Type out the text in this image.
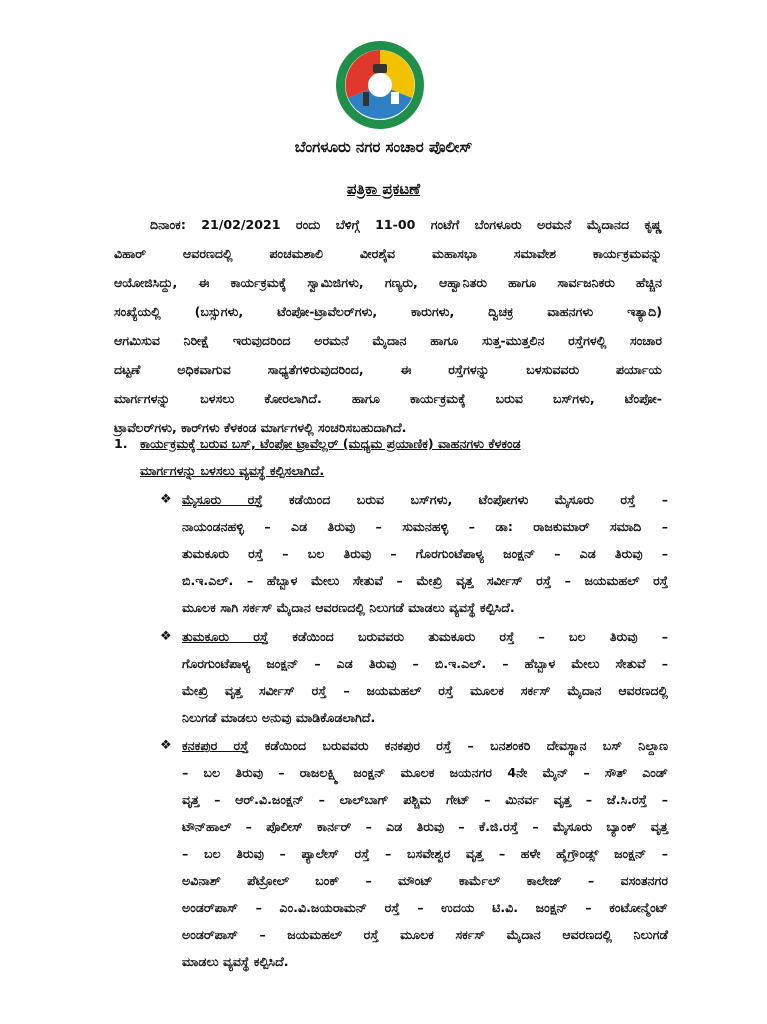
ಬೆಂಗಳೂರು ನಗರ ಸಂಚಾರ ಪೊಲೀಸ್
ಪತ್ರಿಕಾ ಪ್ರಕಟಣೆ
ದಿನಾಂಕ: 21/02/2021 ರಂದು ಬೆಳಿಗ್ಗೆ 11-00 ಗಂಟೆಗೆ ಬೆಂಗಳೂರು ಅರಮನೆ ಮೈದಾನದ ಕೃಷ್ಣ
ವಿಹಾರ್ ಆವರಣದಲ್ಲಿ ಪಂಚಮಶಾಲಿ ವೀರಶೈವ ಮಹಾಸಭಾ ಸಮಾವೇಶ ಕಾರ್ಯಕ್ರಮವನ್ನು
ಆಯೋಜಿಸಿದ್ದು, ಈ ಕಾರ್ಯಕ್ರಮಕ್ಕೆ ಸ್ವಾಮಿಜಿಗಳು, ಗಣ್ಯರು, ಆಹ್ವಾನಿತರು ಹಾಗೂ ಸಾರ್ವಜನಿಕರು ಹೆಚ್ಚಿನ
ಸಂಖ್ಯೆಯಲ್ಲಿ (ಬಸ್ಸುಗಳು, ಟೆಂಪೋ-ಟ್ರಾವೆಲರ್‌ಗಳು, ಕಾರುಗಳು, ದ್ವಿಚಕ್ರ ವಾಹನಗಳು ಇತ್ಯಾದಿ)
ಆಗಮಿಸುವ ನಿರೀಕ್ಷೆ ಇರುವುದರಿಂದ ಅರಮನೆ ಮೈದಾನ ಹಾಗೂ ಸುತ್ತ-ಮುತ್ತಲಿನ ರಸ್ತೆಗಳಲ್ಲಿ ಸಂಚಾರ
ದಟ್ಟಣೆ ಅಧಿಕವಾಗುವ ಸಾಧ್ಯತೆಗಳಿರುವುದರಿಂದ, ಈ ರಸ್ತೆಗಳನ್ನು ಬಳಸುವವರು ಪರ್ಯಾಯ
ಮಾರ್ಗಗಳನ್ನು ಬಳಸಲು ಕೋರಲಾಗಿದೆ. ಹಾಗೂ ಕಾರ್ಯಕ್ರಮಕ್ಕೆ ಬರುವ ಬಸ್‌ಗಳು, ಟೆಂಪೋ-
ಟ್ರಾವೆಲರ್‌ಗಳು, ಕಾರ್‌ಗಳು ಕೆಳಕಂಡ ಮಾರ್ಗಗಳಲ್ಲಿ ಸಂಚರಿಸಬಹುದಾಗಿದೆ.
1. ಕಾರ್ಯಕ್ರಮಕ್ಕೆ ಬರುವ ಬಸ್, ಟೆಂಪೋ ಟ್ರಾವೆಲ್ಲರ್ (ಮಧ್ಯಮ ಪ್ರಯಾಣಿಕ) ವಾಹನಗಳು ಕೆಳಕಂಡ
ಮಾರ್ಗಗಳನ್ನು ಬಳಸಲು ವ್ಯವಸ್ಥೆ ಕಲ್ಪಿಸಲಾಗಿದೆ.
❖ ಮೈಸೂರು ರಸ್ತೆ ಕಡೆಯಿಂದ ಬರುವ ಬಸ್‌ಗಳು, ಟೆಂಪೋಗಳು ಮೈಸೂರು ರಸ್ತೆ –
ನಾಯಂಡನಹಳ್ಳಿ – ಎಡ ತಿರುವು – ಸುಮನಹಳ್ಳಿ – ಡಾ: ರಾಜಕುಮಾರ್ ಸಮಾದಿ –
ತುಮಕೂರು ರಸ್ತೆ – ಬಲ ತಿರುವು – ಗೊರಗುಂಟೆಪಾಳ್ಯ ಜಂಕ್ಷನ್ – ಎಡ ತಿರುವು –
ಬಿ.ಇ.ಎಲ್. – ಹೆಬ್ಬಾಳ ಮೇಲು ಸೇತುವೆ – ಮೇಖ್ರಿ ವೃತ್ತ ಸರ್ವೀಸ್ ರಸ್ತೆ – ಜಯಮಹಲ್ ರಸ್ತೆ
ಮೂಲಕ ಸಾಗಿ ಸರ್ಕಸ್ ಮೈದಾನ ಆವರಣದಲ್ಲಿ ನಿಲುಗಡೆ ಮಾಡಲು ವ್ಯವಸ್ಥೆ ಕಲ್ಪಿಸಿದೆ.
❖ ತುಮಕೂರು ರಸ್ತೆ ಕಡೆಯಿಂದ ಬರುವವರು ತುಮಕೂರು ರಸ್ತೆ – ಬಲ ತಿರುವು –
ಗೊರಗುಂಟೆಪಾಳ್ಯ ಜಂಕ್ಷನ್ – ಎಡ ತಿರುವು – ಬಿ.ಇ.ಎಲ್. – ಹೆಬ್ಬಾಳ ಮೇಲು ಸೇತುವೆ –
ಮೇಖ್ರಿ ವೃತ್ತ ಸರ್ವೀಸ್ ರಸ್ತೆ – ಜಯಮಹಲ್ ರಸ್ತೆ ಮೂಲಕ ಸರ್ಕಸ್ ಮೈದಾನ ಆವರಣದಲ್ಲಿ
ನಿಲುಗಡೆ ಮಾಡಲು ಅನುವು ಮಾಡಿಕೊಡಲಾಗಿದೆ.
❖ ಕನಕಪುರ ರಸ್ತೆ ಕಡೆಯಿಂದ ಬರುವವರು ಕನಕಪುರ ರಸ್ತೆ – ಬನಶಂಕರಿ ದೇವಸ್ಥಾನ ಬಸ್ ನಿಲ್ದಾಣ
– ಬಲ ತಿರುವು – ರಾಜಲಕ್ಷ್ಮಿ ಜಂಕ್ಷನ್ ಮೂಲಕ ಜಯನಗರ 4ನೇ ಮೈನ್ – ಸೌತ್ ಎಂಡ್
ವೃತ್ತ – ಆರ್.ವಿ.ಜಂಕ್ಷನ್ – ಲಾಲ್‌ಬಾಗ್ ಪಶ್ಚಿಮ ಗೇಟ್ – ಮಿನರ್ವ ವೃತ್ತ – ಜೆ.ಸಿ.ರಸ್ತೆ –
ಟೌನ್‌ಹಾಲ್ – ಪೊಲೀಸ್ ಕಾರ್ನರ್ – ಎಡ ತಿರುವು – ಕೆ.ಜಿ.ರಸ್ತೆ – ಮೈಸೂರು ಬ್ಯಾಂಕ್ ವೃತ್ತ
– ಬಲ ತಿರುವು – ಪ್ಯಾಲೇಸ್ ರಸ್ತೆ – ಬಸವೇಶ್ವರ ವೃತ್ತ – ಹಳೇ ಹೈಗ್ರೌಂಡ್ಸ್ ಜಂಕ್ಷನ್ –
ಅವಿನಾಶ್ ಪೆಟ್ರೋಲ್ ಬಂಕ್ – ಮೌಂಟ್ ಕಾರ್ಮೆಲ್ ಕಾಲೇಜ್ – ವಸಂತನಗರ
ಅಂಡರ್‌ಪಾಸ್ – ಎಂ.ವಿ.ಜಯರಾಮನ್ ರಸ್ತೆ – ಉದಯ ಟಿ.ವಿ. ಜಂಕ್ಷನ್ – ಕಂಟೋನ್ಮೆಂಟ್
ಅಂಡರ್‌ಪಾಸ್ – ಜಯಮಹಲ್ ರಸ್ತೆ ಮೂಲಕ ಸರ್ಕಸ್ ಮೈದಾನ ಆವರಣದಲ್ಲಿ ನಿಲುಗಡೆ
ಮಾಡಲು ವ್ಯವಸ್ಥೆ ಕಲ್ಪಿಸಿದೆ.
